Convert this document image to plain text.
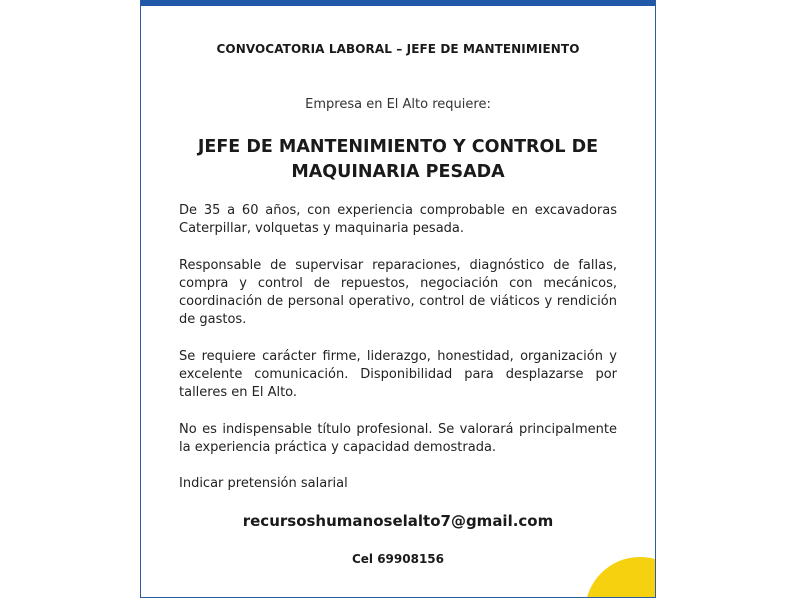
CONVOCATORIA LABORAL – JEFE DE MANTENIMIENTO
Empresa en El Alto requiere:
JEFE DE MANTENIMIENTO Y CONTROL DE
MAQUINARIA PESADA

De 35 a 60 años, con experiencia comprobable en excavadoras Caterpillar, volquetas y maquinaria pesada.

Responsable de supervisar reparaciones, diagnóstico de fallas, compra y control de repuestos, negociación con mecánicos, coordinación de personal operativo, control de viáticos y rendición de gastos.

Se requiere carácter firme, liderazgo, honestidad, organización y excelente comunicación. Disponibilidad para desplazarse por talleres en El Alto.

No es indispensable título profesional. Se valorará principalmente la experiencia práctica y capacidad demostrada.

Indicar pretensión salarial

recursoshumanoselalto7@gmail.com
Cel 69908156
